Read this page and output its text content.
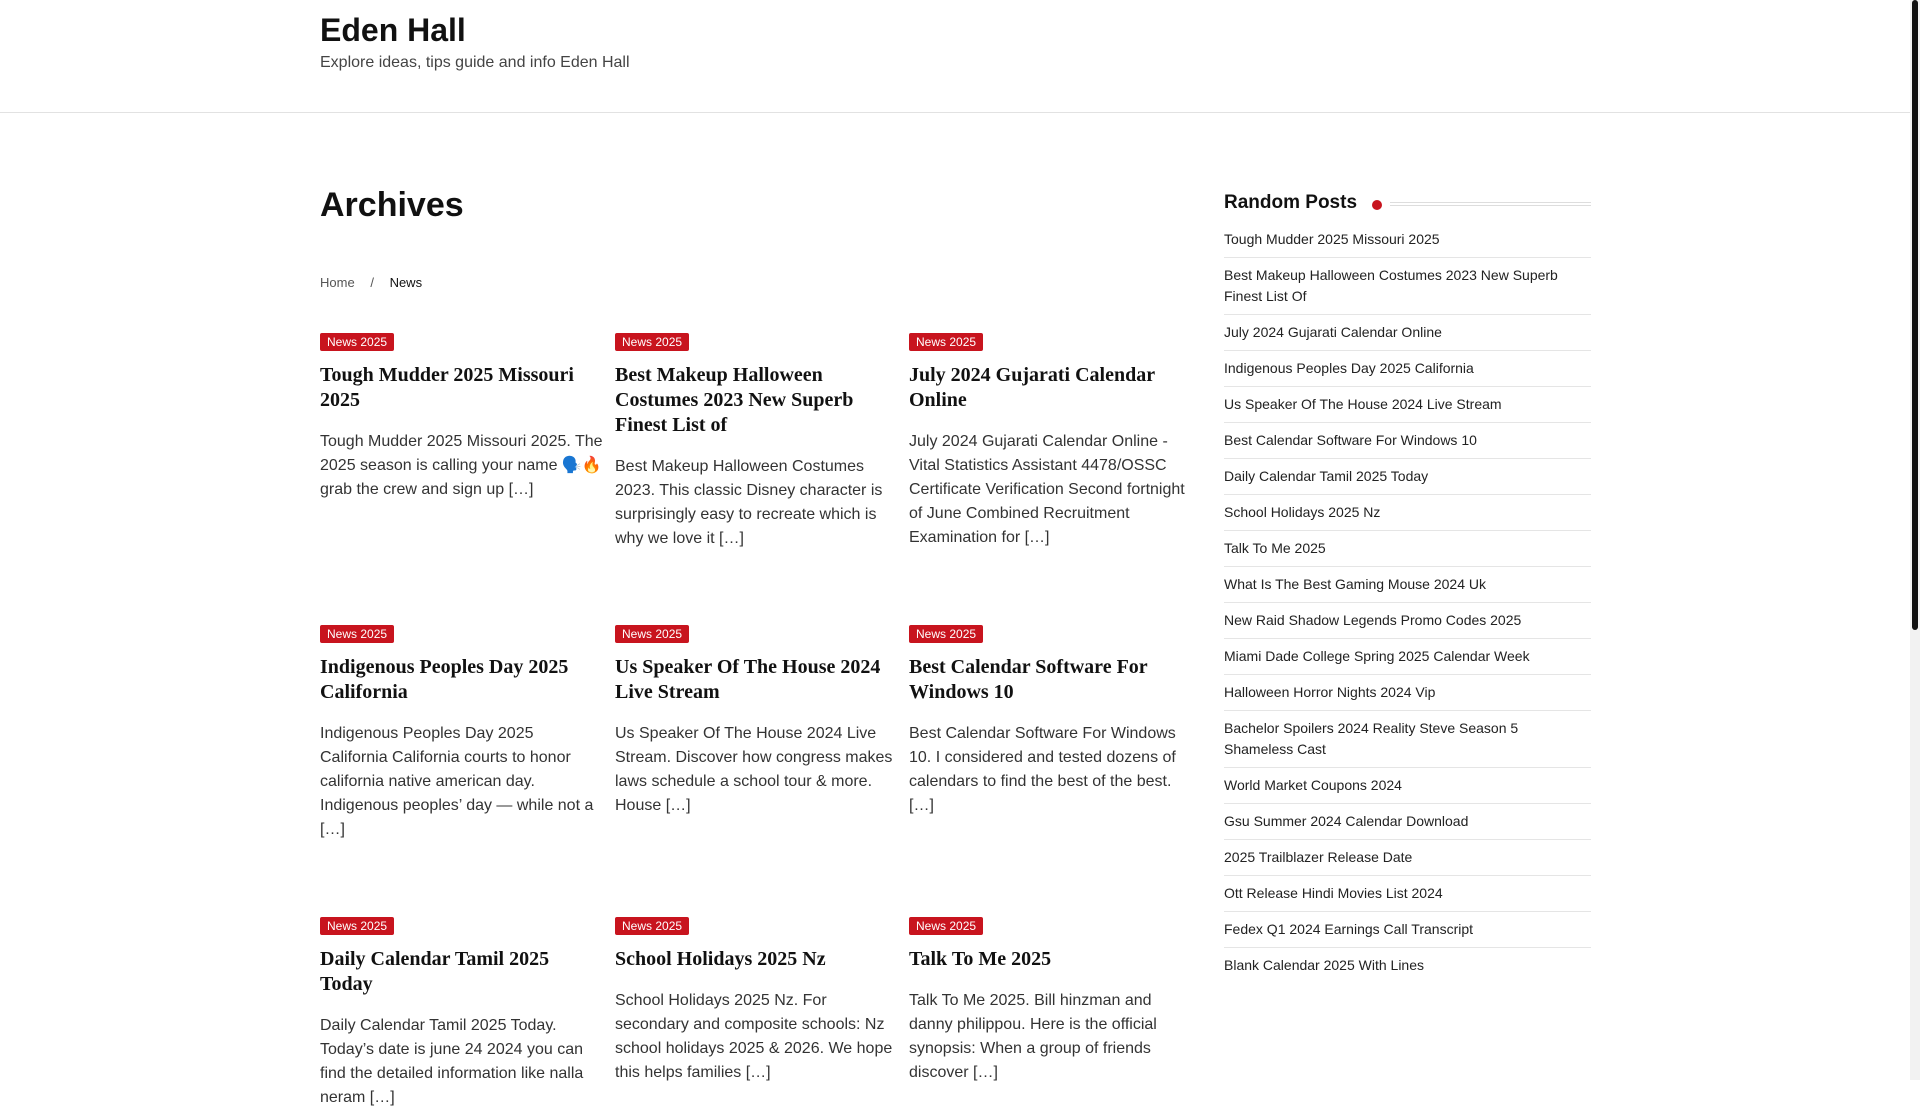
Eden Hall
Explore ideas, tips guide and info Eden Hall
Archives
Home / News
News 2025
Tough Mudder 2025 Missouri 2025

Tough Mudder 2025 Missouri 2025. The 2025 season is calling your name 🗣️🔥 grab the crew and sign up […]

News 2025
Best Makeup Halloween Costumes 2023 New Superb Finest List of

Best Makeup Halloween Costumes 2023. This classic Disney character is surprisingly easy to recreate which is why we love it […]

News 2025
July 2024 Gujarati Calendar Online

July 2024 Gujarati Calendar Online - Vital Statistics Assistant 4478/OSSC Certificate Verification Second fortnight of June Combined Recruitment Examination for […]

News 2025
Indigenous Peoples Day 2025 California

Indigenous Peoples Day 2025 California California courts to honor california native american day. Indigenous peoples’ day — while not a […]

News 2025
Us Speaker Of The House 2024 Live Stream

Us Speaker Of The House 2024 Live Stream. Discover how congress makes laws schedule a school tour & more. House […]

News 2025
Best Calendar Software For Windows 10

Best Calendar Software For Windows 10. I considered and tested dozens of calendars to find the best of the best. […]

News 2025
Daily Calendar Tamil 2025 Today

Daily Calendar Tamil 2025 Today. Today’s date is june 24 2024 you can find the detailed information like nalla neram […]

News 2025
School Holidays 2025 Nz

School Holidays 2025 Nz. For secondary and composite schools: Nz school holidays 2025 & 2026. We hope this helps families […]

News 2025
Talk To Me 2025

Talk To Me 2025. Bill hinzman and danny philippou. Here is the official synopsis: When a group of friends discover […]

Random Posts
Tough Mudder 2025 Missouri 2025
Best Makeup Halloween Costumes 2023 New Superb Finest List Of
July 2024 Gujarati Calendar Online
Indigenous Peoples Day 2025 California
Us Speaker Of The House 2024 Live Stream
Best Calendar Software For Windows 10
Daily Calendar Tamil 2025 Today
School Holidays 2025 Nz
Talk To Me 2025
What Is The Best Gaming Mouse 2024 Uk
New Raid Shadow Legends Promo Codes 2025
Miami Dade College Spring 2025 Calendar Week
Halloween Horror Nights 2024 Vip
Bachelor Spoilers 2024 Reality Steve Season 5 Shameless Cast
World Market Coupons 2024
Gsu Summer 2024 Calendar Download
2025 Trailblazer Release Date
Ott Release Hindi Movies List 2024
Fedex Q1 2024 Earnings Call Transcript
Blank Calendar 2025 With Lines
